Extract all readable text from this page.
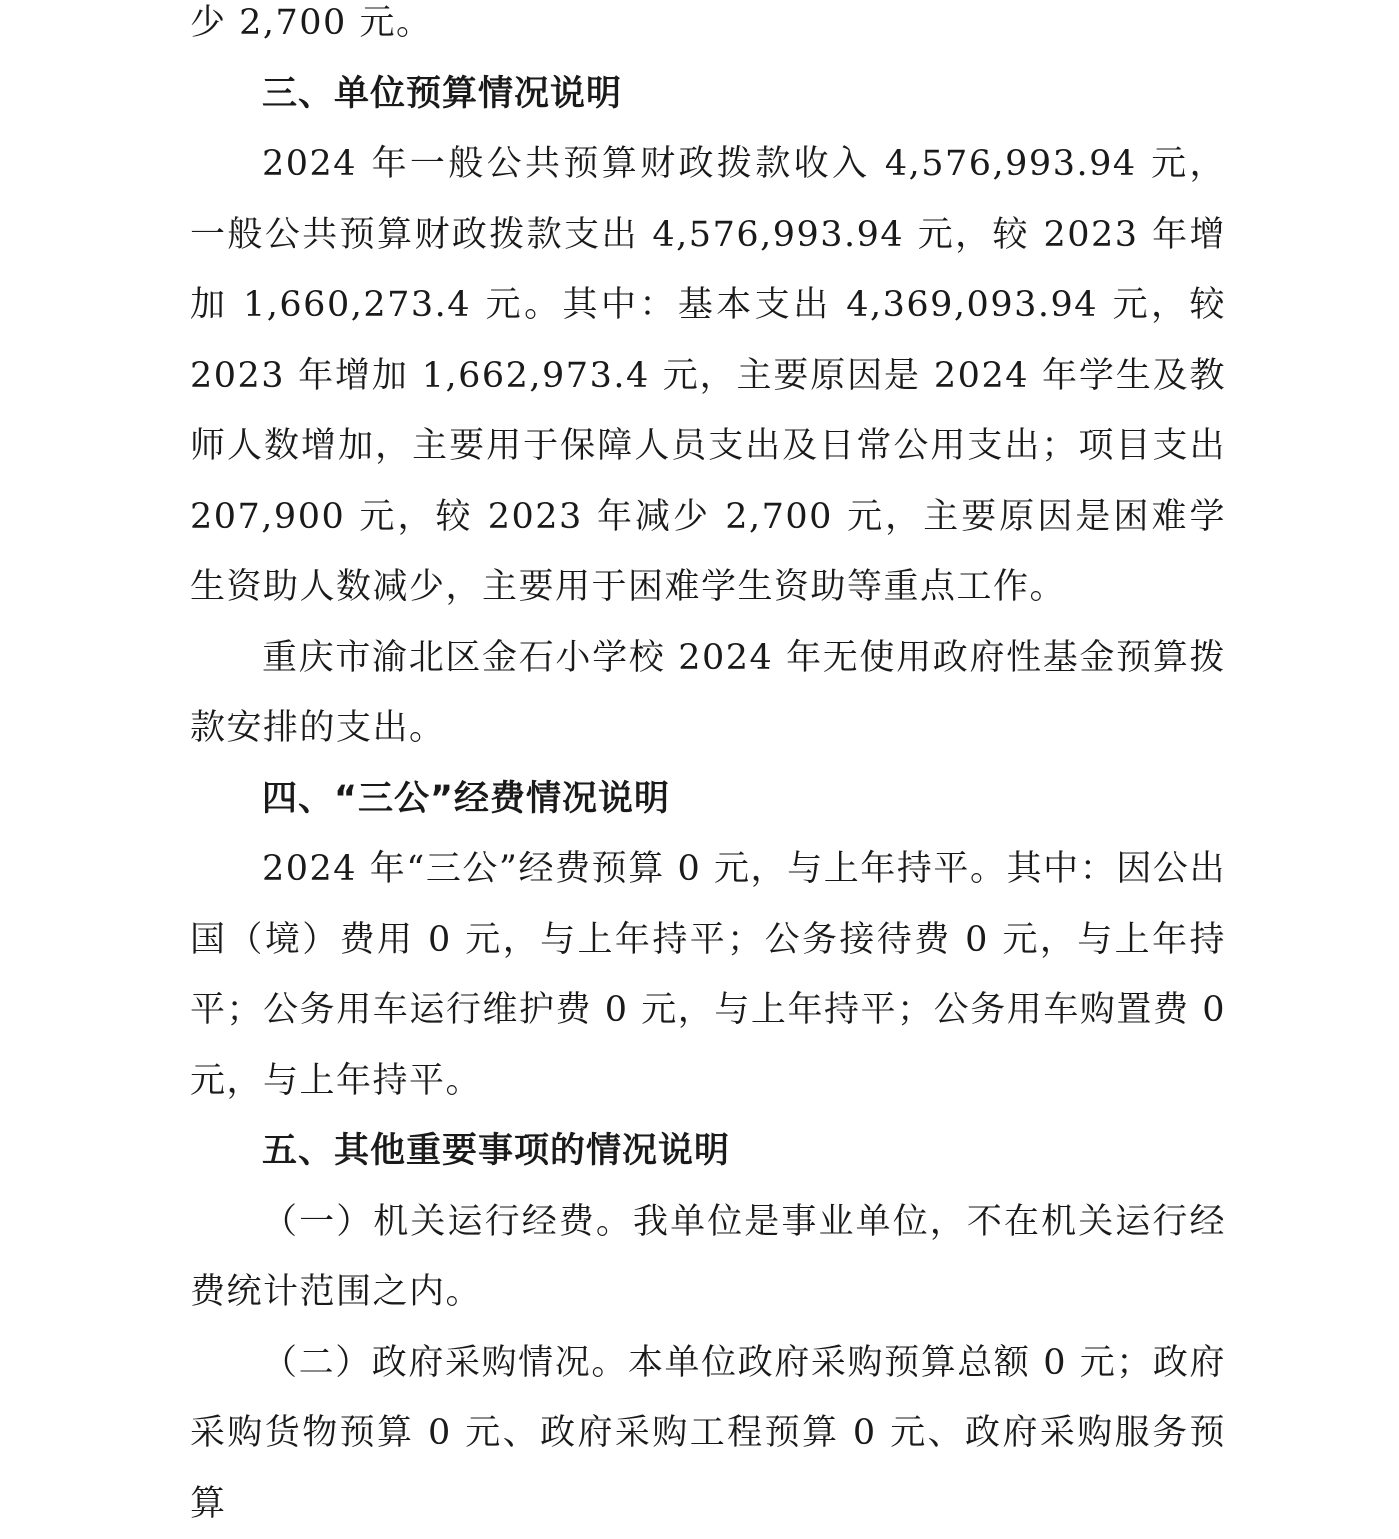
少 2,700 元。

三、单位预算情况说明

2024 年一般公共预算财政拨款收入 4,576,993.94 元，一般公共预算财政拨款支出 4,576,993.94 元，较 2023 年增加 1,660,273.4 元。其中：基本支出 4,369,093.94 元，较 2023 年增加 1,662,973.4 元，主要原因是 2024 年学生及教师人数增加，主要用于保障人员支出及日常公用支出；项目支出 207,900 元，较 2023 年减少 2,700 元，主要原因是困难学生资助人数减少，主要用于困难学生资助等重点工作。

重庆市渝北区金石小学校 2024 年无使用政府性基金预算拨款安排的支出。

四、“三公”经费情况说明

2024 年“三公”经费预算 0 元，与上年持平。其中：因公出国（境）费用 0 元，与上年持平；公务接待费 0 元，与上年持平；公务用车运行维护费 0 元，与上年持平；公务用车购置费 0 元，与上年持平。

五、其他重要事项的情况说明

（一）机关运行经费。我单位是事业单位，不在机关运行经费统计范围之内。

（二）政府采购情况。本单位政府采购预算总额 0 元；政府采购货物预算 0 元、政府采购工程预算 0 元、政府采购服务预算
